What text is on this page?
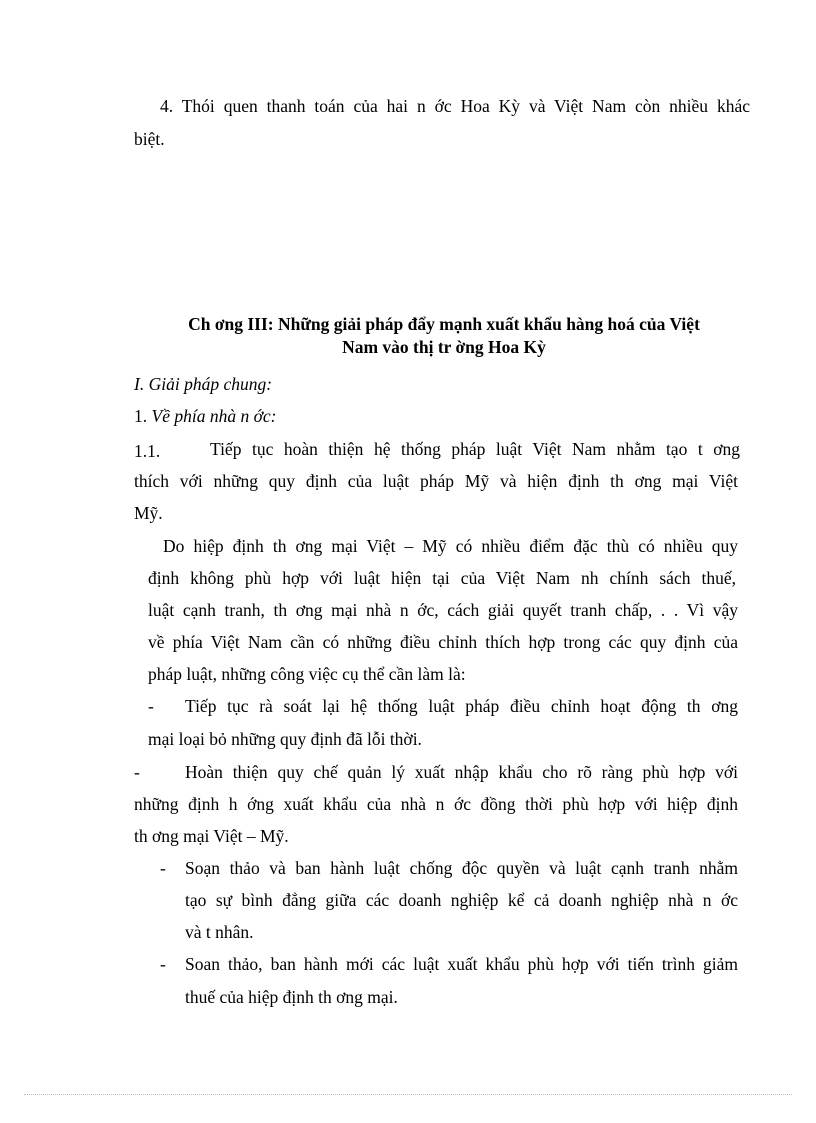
4. Thói quen thanh toán của hai n ớc Hoa Kỳ và Việt Nam còn nhiều khác
biệt.
Ch ơng III: Những giải pháp đẩy mạnh xuất khẩu hàng hoá của Việt
Nam vào thị tr ờng Hoa Kỳ
I. Giải pháp chung:
1. Về phía nhà n ớc:
1.1.	Tiếp tục hoàn thiện hệ thống pháp luật Việt Nam nhằm tạo t ơng
thích với những quy định của luật pháp Mỹ và hiện định th ơng mại Việt
Mỹ.
Do hiệp định th ơng mại Việt – Mỹ có nhiều điểm đặc thù có nhiều quy
định không phù hợp với luật hiện tại của Việt Nam nh chính sách thuế,
luật cạnh tranh, th ơng mại nhà n ớc, cách giải quyết tranh chấp, . . Vì vậy
về phía Việt Nam cần có những điều chỉnh thích hợp trong các quy định của
pháp luật, những công việc cụ thể cần làm là:
- Tiếp tục rà soát lại hệ thống luật pháp điều chỉnh hoạt động th ơng
mại loại bỏ những quy định đã lỗi thời.
-	Hoàn thiện quy chế quản lý xuất nhập khẩu cho rõ ràng phù hợp với
những định h ớng xuất khẩu của nhà n ớc đồng thời phù hợp với hiệp định
th ơng mại Việt – Mỹ.
- Soạn thảo và ban hành luật chống độc quyền và luật cạnh tranh nhằm
tạo sự bình đẳng giữa các doanh nghiệp kể cả doanh nghiệp nhà n ớc
và t nhân.
- Soan thảo, ban hành mới các luật xuất khẩu phù hợp với tiến trình giảm
thuế của hiệp định th ơng mại.
